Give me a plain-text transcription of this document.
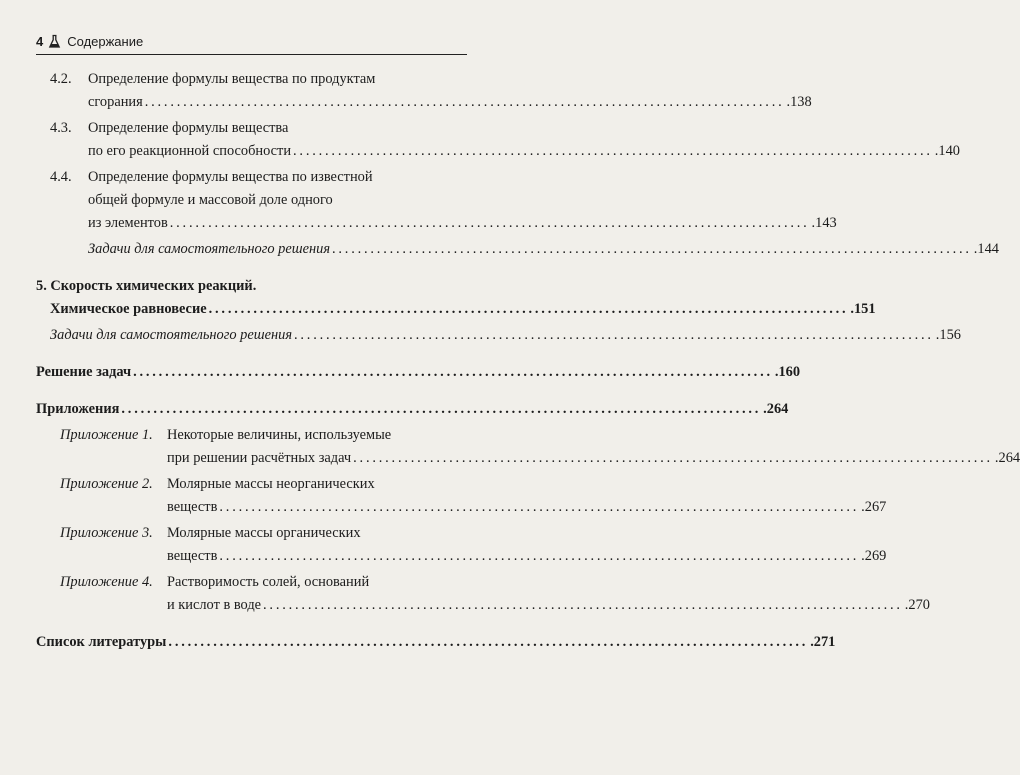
4 Содержание
4.2. Определение формулы вещества по продуктам
сгорания .................................................................................................... .138
4.3. Определение формулы вещества
по его реакционной способности .................................................................................................... .140
4.4. Определение формулы вещества по известной
общей формуле и массовой доле одного
из элементов .................................................................................................... .143
Задачи для самостоятельного решения .................................................................................................... .144
5. Скорость химических реакций.
Химическое равновесие .................................................................................................... .151
Задачи для самостоятельного решения .................................................................................................... .156
Решение задач .................................................................................................... .160
Приложения .................................................................................................... .264
Приложение 1. Некоторые величины, используемые
при решении расчётных задач .................................................................................................... .264
Приложение 2. Молярные массы неорганических
веществ .................................................................................................... .267
Приложение 3. Молярные массы органических
веществ .................................................................................................... .269
Приложение 4. Растворимость солей, оснований
и кислот в воде .................................................................................................... .270
Список литературы .................................................................................................... .271
